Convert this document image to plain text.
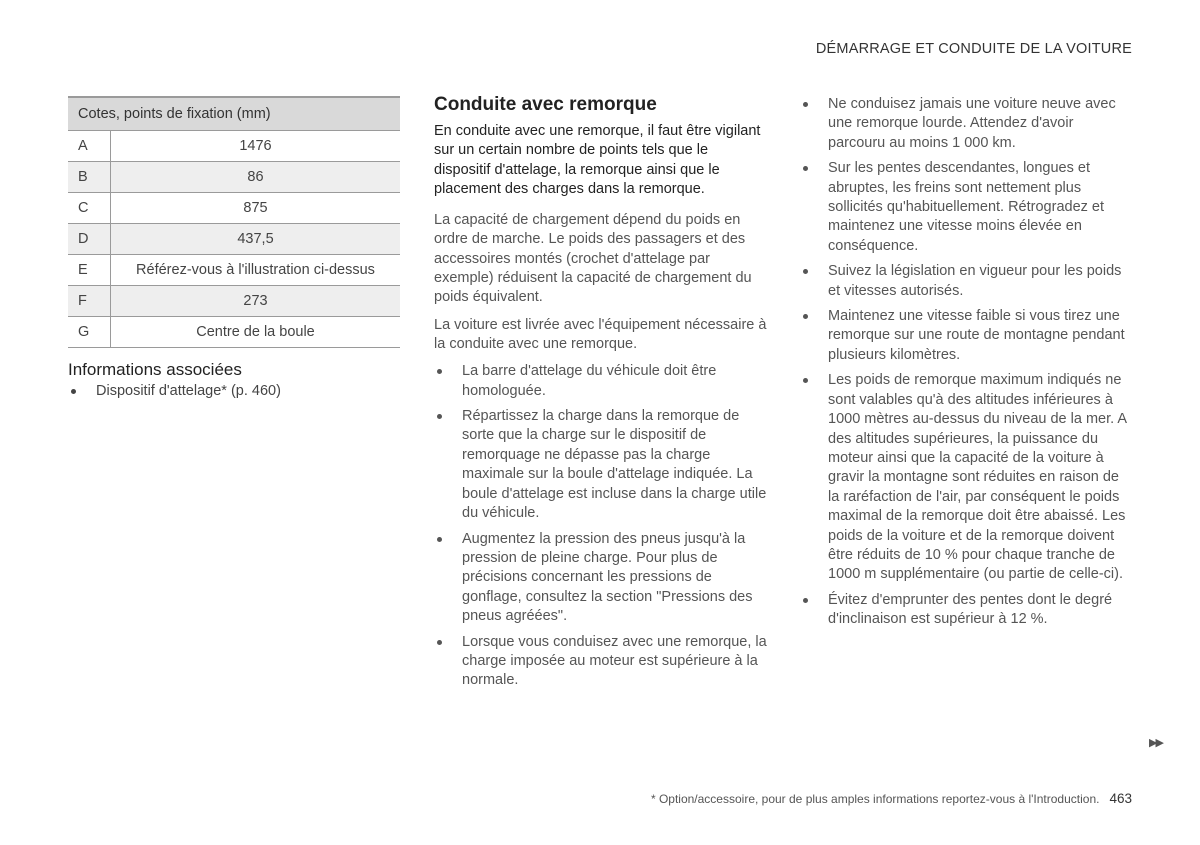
DÉMARRAGE ET CONDUITE DE LA VOITURE
Cotes, points de fixation (mm)	
A	1476
B	86
C	875
D	437,5
E	Référez-vous à l'illustration ci-dessus
F	273
G	Centre de la boule
Informations associées
Dispositif d'attelage* (p. 460)
Conduite avec remorque

En conduite avec une remorque, il faut être vigilant sur un certain nombre de points tels que le dispositif d'attelage, la remorque ainsi que le placement des charges dans la remorque.

La capacité de chargement dépend du poids en ordre de marche. Le poids des passagers et des accessoires montés (crochet d'attelage par exemple) réduisent la capacité de chargement du poids équivalent.

La voiture est livrée avec l'équipement nécessaire à la conduite avec une remorque.

La barre d'attelage du véhicule doit être homologuée.
Répartissez la charge dans la remorque de sorte que la charge sur le dispositif de remorquage ne dépasse pas la charge maximale sur la boule d'attelage indiquée. La boule d'attelage est incluse dans la charge utile du véhicule.
Augmentez la pression des pneus jusqu'à la pression de pleine charge. Pour plus de précisions concernant les pressions de gonflage, consultez la section "Pressions des pneus agréées".
Lorsque vous conduisez avec une remorque, la charge imposée au moteur est supérieure à la normale.
Ne conduisez jamais une voiture neuve avec une remorque lourde. Attendez d'avoir parcouru au moins 1 000 km.
Sur les pentes descendantes, longues et abruptes, les freins sont nettement plus sollicités qu'habituellement. Rétrogradez et maintenez une vitesse moins élevée en conséquence.
Suivez la législation en vigueur pour les poids et vitesses autorisés.
Maintenez une vitesse faible si vous tirez une remorque sur une route de montagne pendant plusieurs kilomètres.
Les poids de remorque maximum indiqués ne sont valables qu'à des altitudes inférieures à 1000 mètres au-dessus du niveau de la mer. A des altitudes supérieures, la puissance du moteur ainsi que la capacité de la voiture à gravir la montagne sont réduites en raison de la raréfaction de l'air, par conséquent le poids maximal de la remorque doit être abaissé. Les poids de la voiture et de la remorque doivent être réduits de 10 % pour chaque tranche de 1000 m supplémentaire (ou partie de celle-ci).
Évitez d'emprunter des pentes dont le degré d'inclinaison est supérieur à 12 %.
▶▶
* Option/accessoire, pour de plus amples informations reportez-vous à l'Introduction. 463
